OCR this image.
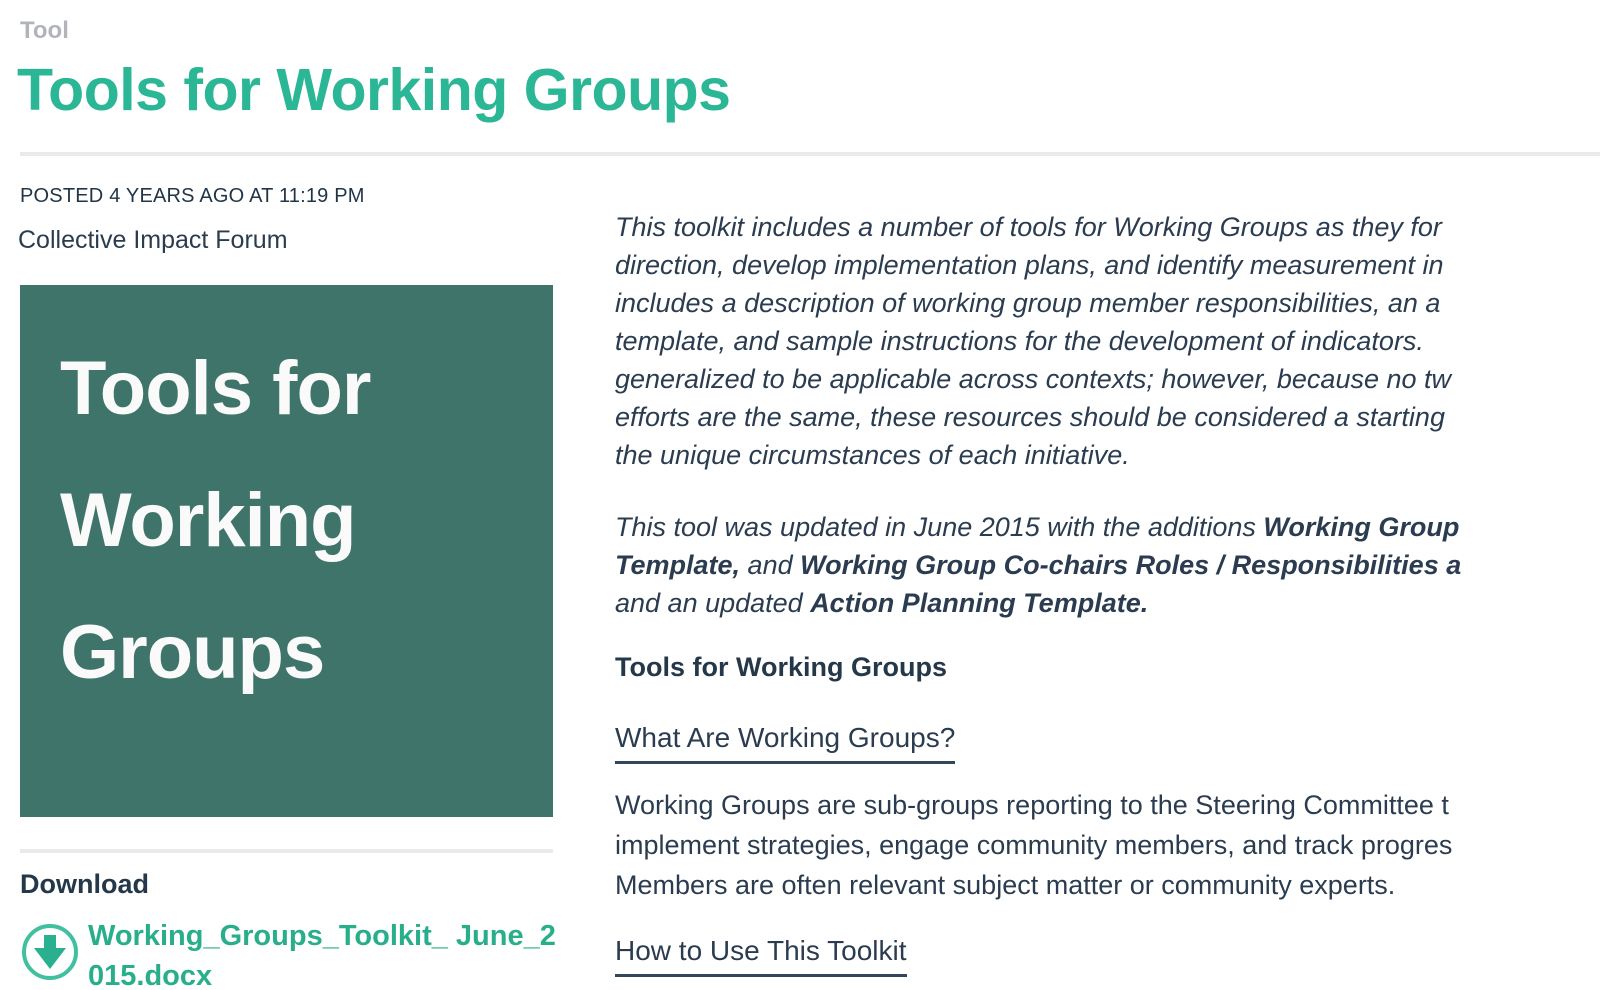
Tool
Tools for Working Groups
POSTED 4 YEARS AGO AT 11:19 PM
Collective Impact Forum
Tools for
Working
Groups
Download
Working_Groups_Toolkit_ June_2
015.docx
This toolkit includes a number of tools for Working Groups as they for
direction, develop implementation plans, and identify measurement in
includes a description of working group member responsibilities, an a
template, and sample instructions for the development of indicators.
generalized to be applicable across contexts; however, because no tw
efforts are the same, these resources should be considered a starting
the unique circumstances of each initiative.
This tool was updated in June 2015 with the additions Working Group
Template, and Working Group Co-chairs Roles / Responsibilities a
and an updated Action Planning Template.
Tools for Working Groups
What Are Working Groups?
Working Groups are sub-groups reporting to the Steering Committee t
implement strategies, engage community members, and track progres
Members are often relevant subject matter or community experts.
How to Use This Toolkit
